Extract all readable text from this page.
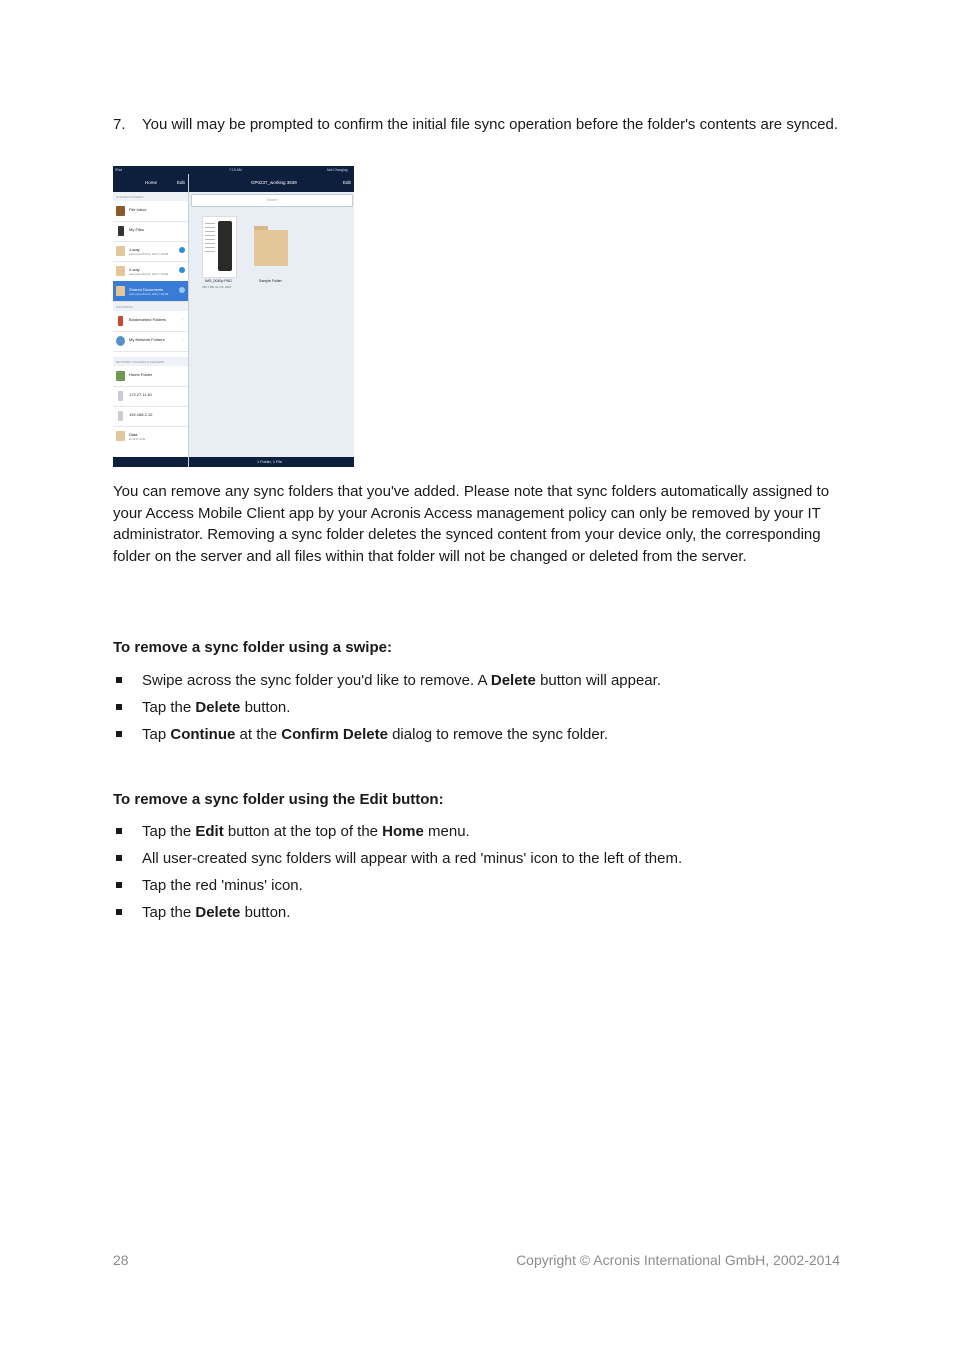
7. You will may be prompted to confirm the initial file sync operation before the folder's contents are synced.
iPad	7:13 AM	Not Charging
Home	Edit
SYNCED FOLDERS
File Inbox
My Files
1-way
Last synced Feb 11, 2014, 7:26 AM
2-way
Last synced Feb 11, 2014, 7:26 AM
Shared Documents
Last synced Feb 11, 2014, 7:26 AM
FAVORITES
Bookmarked Folders	›
My Network Folders	›
NETWORK FOLDERS & SERVERS
Home Folder
172.27.11.61
192.168.2.10
Data
on 10.27.11.61
GP0237_working 3839	Edit
Search
IMG_0040p.PNG
435.7 KB, Jun 26, 2013
Sample Folder
1 Folder, 1 File
You can remove any sync folders that you've added. Please note that sync folders automatically assigned to your Access Mobile Client app by your Acronis Access management policy can only be removed by your IT administrator. Removing a sync folder deletes the synced content from your device only, the corresponding folder on the server and all files within that folder will not be changed or deleted from the server.
To remove a sync folder using a swipe:
Swipe across the sync folder you'd like to remove. A Delete button will appear.
Tap the Delete button.
Tap Continue at the Confirm Delete dialog to remove the sync folder.
To remove a sync folder using the Edit button:
Tap the Edit button at the top of the Home menu.
All user-created sync folders will appear with a red 'minus' icon to the left of them.
Tap the red 'minus' icon.
Tap the Delete button.
28	Copyright © Acronis International GmbH, 2002-2014
